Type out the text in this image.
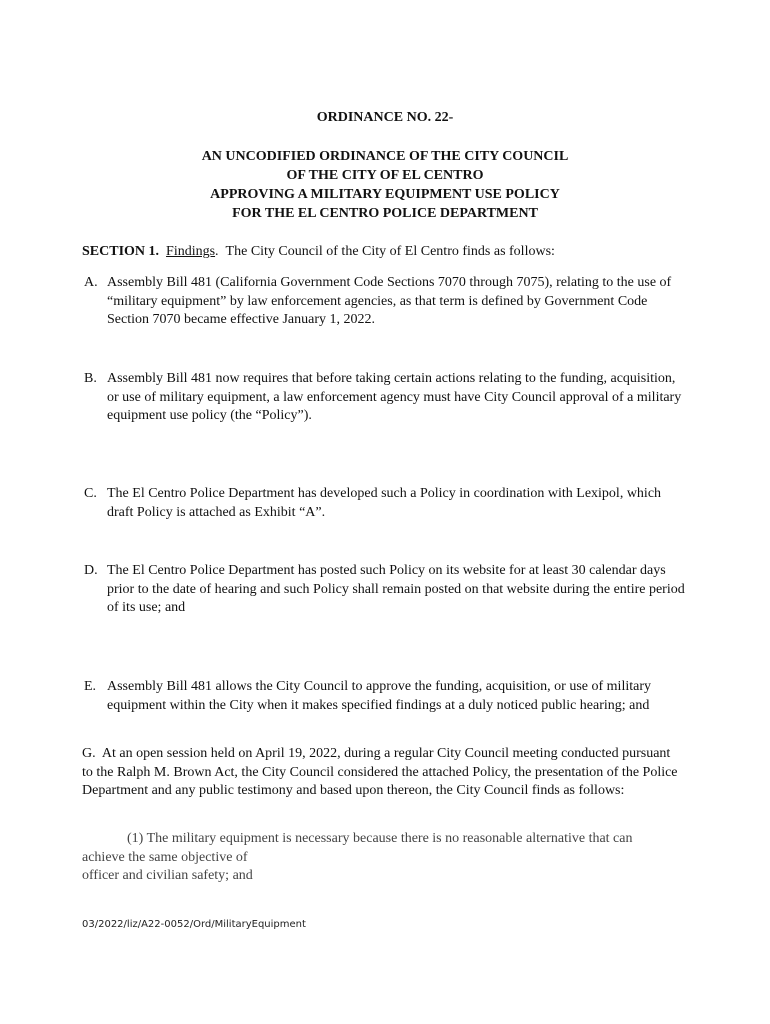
ORDINANCE NO. 22-
AN UNCODIFIED ORDINANCE OF THE CITY COUNCIL
OF THE CITY OF EL CENTRO
APPROVING A MILITARY EQUIPMENT USE POLICY
FOR THE EL CENTRO POLICE DEPARTMENT
SECTION 1. Findings. The City Council of the City of El Centro finds as follows:
A. Assembly Bill 481 (California Government Code Sections 7070 through 7075), relating to the use of “military equipment” by law enforcement agencies, as that term is defined by Government Code Section 7070 became effective January 1, 2022.
B. Assembly Bill 481 now requires that before taking certain actions relating to the funding, acquisition, or use of military equipment, a law enforcement agency must have City Council approval of a military equipment use policy (the “Policy”).
C. The El Centro Police Department has developed such a Policy in coordination with Lexipol, which draft Policy is attached as Exhibit “A”.
D. The El Centro Police Department has posted such Policy on its website for at least 30 calendar days prior to the date of hearing and such Policy shall remain posted on that website during the entire period of its use; and
E. Assembly Bill 481 allows the City Council to approve the funding, acquisition, or use of military equipment within the City when it makes specified findings at a duly noticed public hearing; and
G. At an open session held on April 19, 2022, during a regular City Council meeting conducted pursuant to the Ralph M. Brown Act, the City Council considered the attached Policy, the presentation of the Police Department and any public testimony and based upon thereon, the City Council finds as follows:
(1) The military equipment is necessary because there is no reasonable alternative that can
achieve the same objective of
officer and civilian safety; and
03/2022/liz/A22-0052/Ord/MilitaryEquipment
